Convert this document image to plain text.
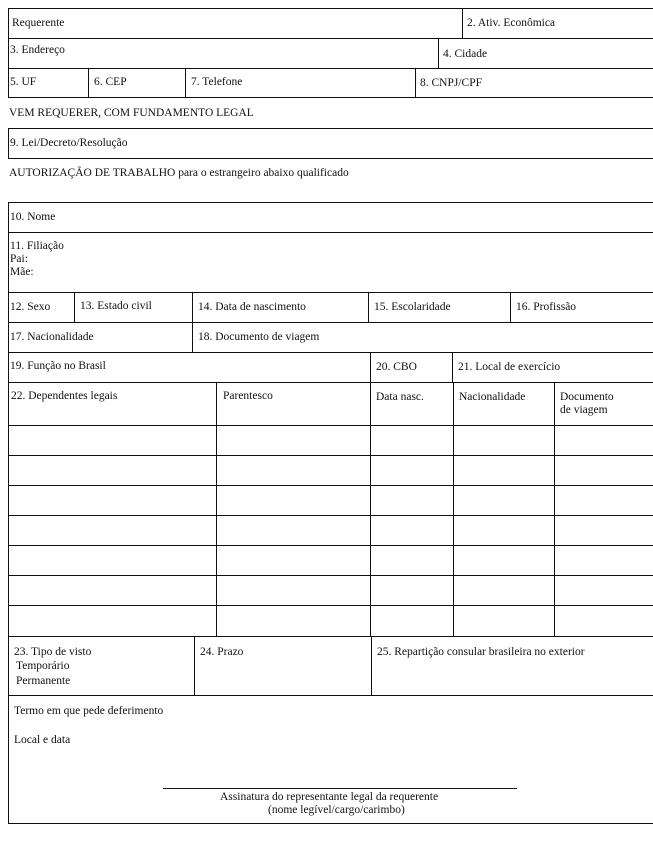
Requerente	2. Ativ. Econômica
3. Endereço	4. Cidade
5. UF	6. CEP	7. Telefone	8. CNPJ/CPF
VEM REQUERER, COM FUNDAMENTO LEGAL
9. Lei/Decreto/Resolução
AUTORIZAÇÃO DE TRABALHO para o estrangeiro abaixo qualificado
10. Nome
11. Filiação
Pai:
Mãe:
12. Sexo	13. Estado civil	14. Data de nascimento	15. Escolaridade	16. Profissão
17. Nacionalidade	18. Documento de viagem
19. Função no Brasil	20. CBO	21. Local de exercício
22. Dependentes legais	Parentesco	Data nasc.	Nacionalidade	Documento
de viagem
23. Tipo de visto
Temporário
Permanente
24. Prazo	25. Repartição consular brasileira no exterior
Termo em que pede deferimento
Local e data
Assinatura do representante legal da requerente
(nome legível/cargo/carimbo)
